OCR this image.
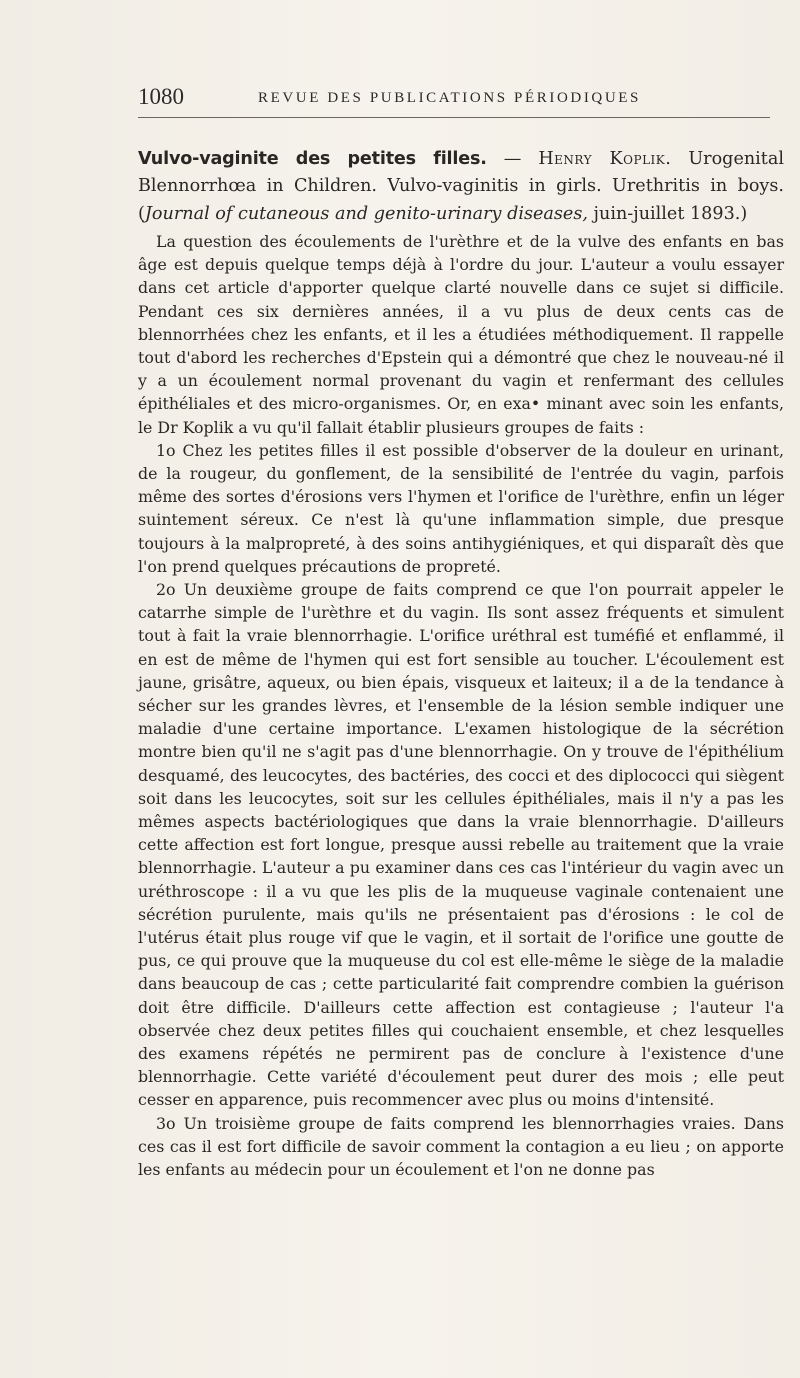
1080	REVUE DES PUBLICATIONS PÉRIODIQUES

Vulvo-vaginite des petites filles. — Henry Koplik. Urogenital Blennorrhœa in Children. Vulvo-vaginitis in girls. Urethritis in boys. (Journal of cutaneous and genito-urinary diseases, juin-juillet 1893.)

La question des écoulements de l'urèthre et de la vulve des enfants en bas âge est depuis quelque temps déjà à l'ordre du jour. L'auteur a voulu essayer dans cet article d'apporter quelque clarté nouvelle dans ce sujet si difficile. Pendant ces six dernières années, il a vu plus de deux cents cas de blennorrhées chez les enfants, et il les a étudiées méthodiquement. Il rappelle tout d'abord les recherches d'Epstein qui a démontré que chez le nouveau-né il y a un écoulement normal provenant du vagin et renfermant des cellules épithéliales et des micro-organismes. Or, en exa• minant avec soin les enfants, le Dr Koplik a vu qu'il fallait établir plusieurs groupes de faits :

1o Chez les petites filles il est possible d'observer de la douleur en urinant, de la rougeur, du gonflement, de la sensibilité de l'entrée du vagin, parfois même des sortes d'érosions vers l'hymen et l'orifice de l'urèthre, enfin un léger suintement séreux. Ce n'est là qu'une inflammation simple, due presque toujours à la malpropreté, à des soins antihygiéniques, et qui disparaît dès que l'on prend quelques précautions de propreté.

2o Un deuxième groupe de faits comprend ce que l'on pourrait appeler le catarrhe simple de l'urèthre et du vagin. Ils sont assez fréquents et simulent tout à fait la vraie blennorrhagie. L'orifice uréthral est tuméfié et enflammé, il en est de même de l'hymen qui est fort sensible au toucher. L'écoulement est jaune, grisâtre, aqueux, ou bien épais, visqueux et laiteux; il a de la tendance à sécher sur les grandes lèvres, et l'ensemble de la lésion semble indiquer une maladie d'une certaine importance. L'examen histologique de la sécrétion montre bien qu'il ne s'agit pas d'une blennorrhagie. On y trouve de l'épithélium desquamé, des leucocytes, des bactéries, des cocci et des diplococci qui siègent soit dans les leucocytes, soit sur les cellules épithéliales, mais il n'y a pas les mêmes aspects bactériologiques que dans la vraie blennorrhagie. D'ailleurs cette affection est fort longue, presque aussi rebelle au traitement que la vraie blennorrhagie. L'auteur a pu examiner dans ces cas l'intérieur du vagin avec un uréthroscope : il a vu que les plis de la muqueuse vaginale contenaient une sécrétion purulente, mais qu'ils ne présentaient pas d'érosions : le col de l'utérus était plus rouge vif que le vagin, et il sortait de l'orifice une goutte de pus, ce qui prouve que la muqueuse du col est elle-même le siège de la maladie dans beaucoup de cas ; cette particularité fait comprendre combien la guérison doit être difficile. D'ailleurs cette affection est contagieuse ; l'auteur l'a observée chez deux petites filles qui couchaient ensemble, et chez lesquelles des examens répétés ne permirent pas de conclure à l'existence d'une blennorrhagie. Cette variété d'écoulement peut durer des mois ; elle peut cesser en apparence, puis recommencer avec plus ou moins d'intensité.

3o Un troisième groupe de faits comprend les blennorrhagies vraies. Dans ces cas il est fort difficile de savoir comment la contagion a eu lieu ; on apporte les enfants au médecin pour un écoulement et l'on ne donne pas
